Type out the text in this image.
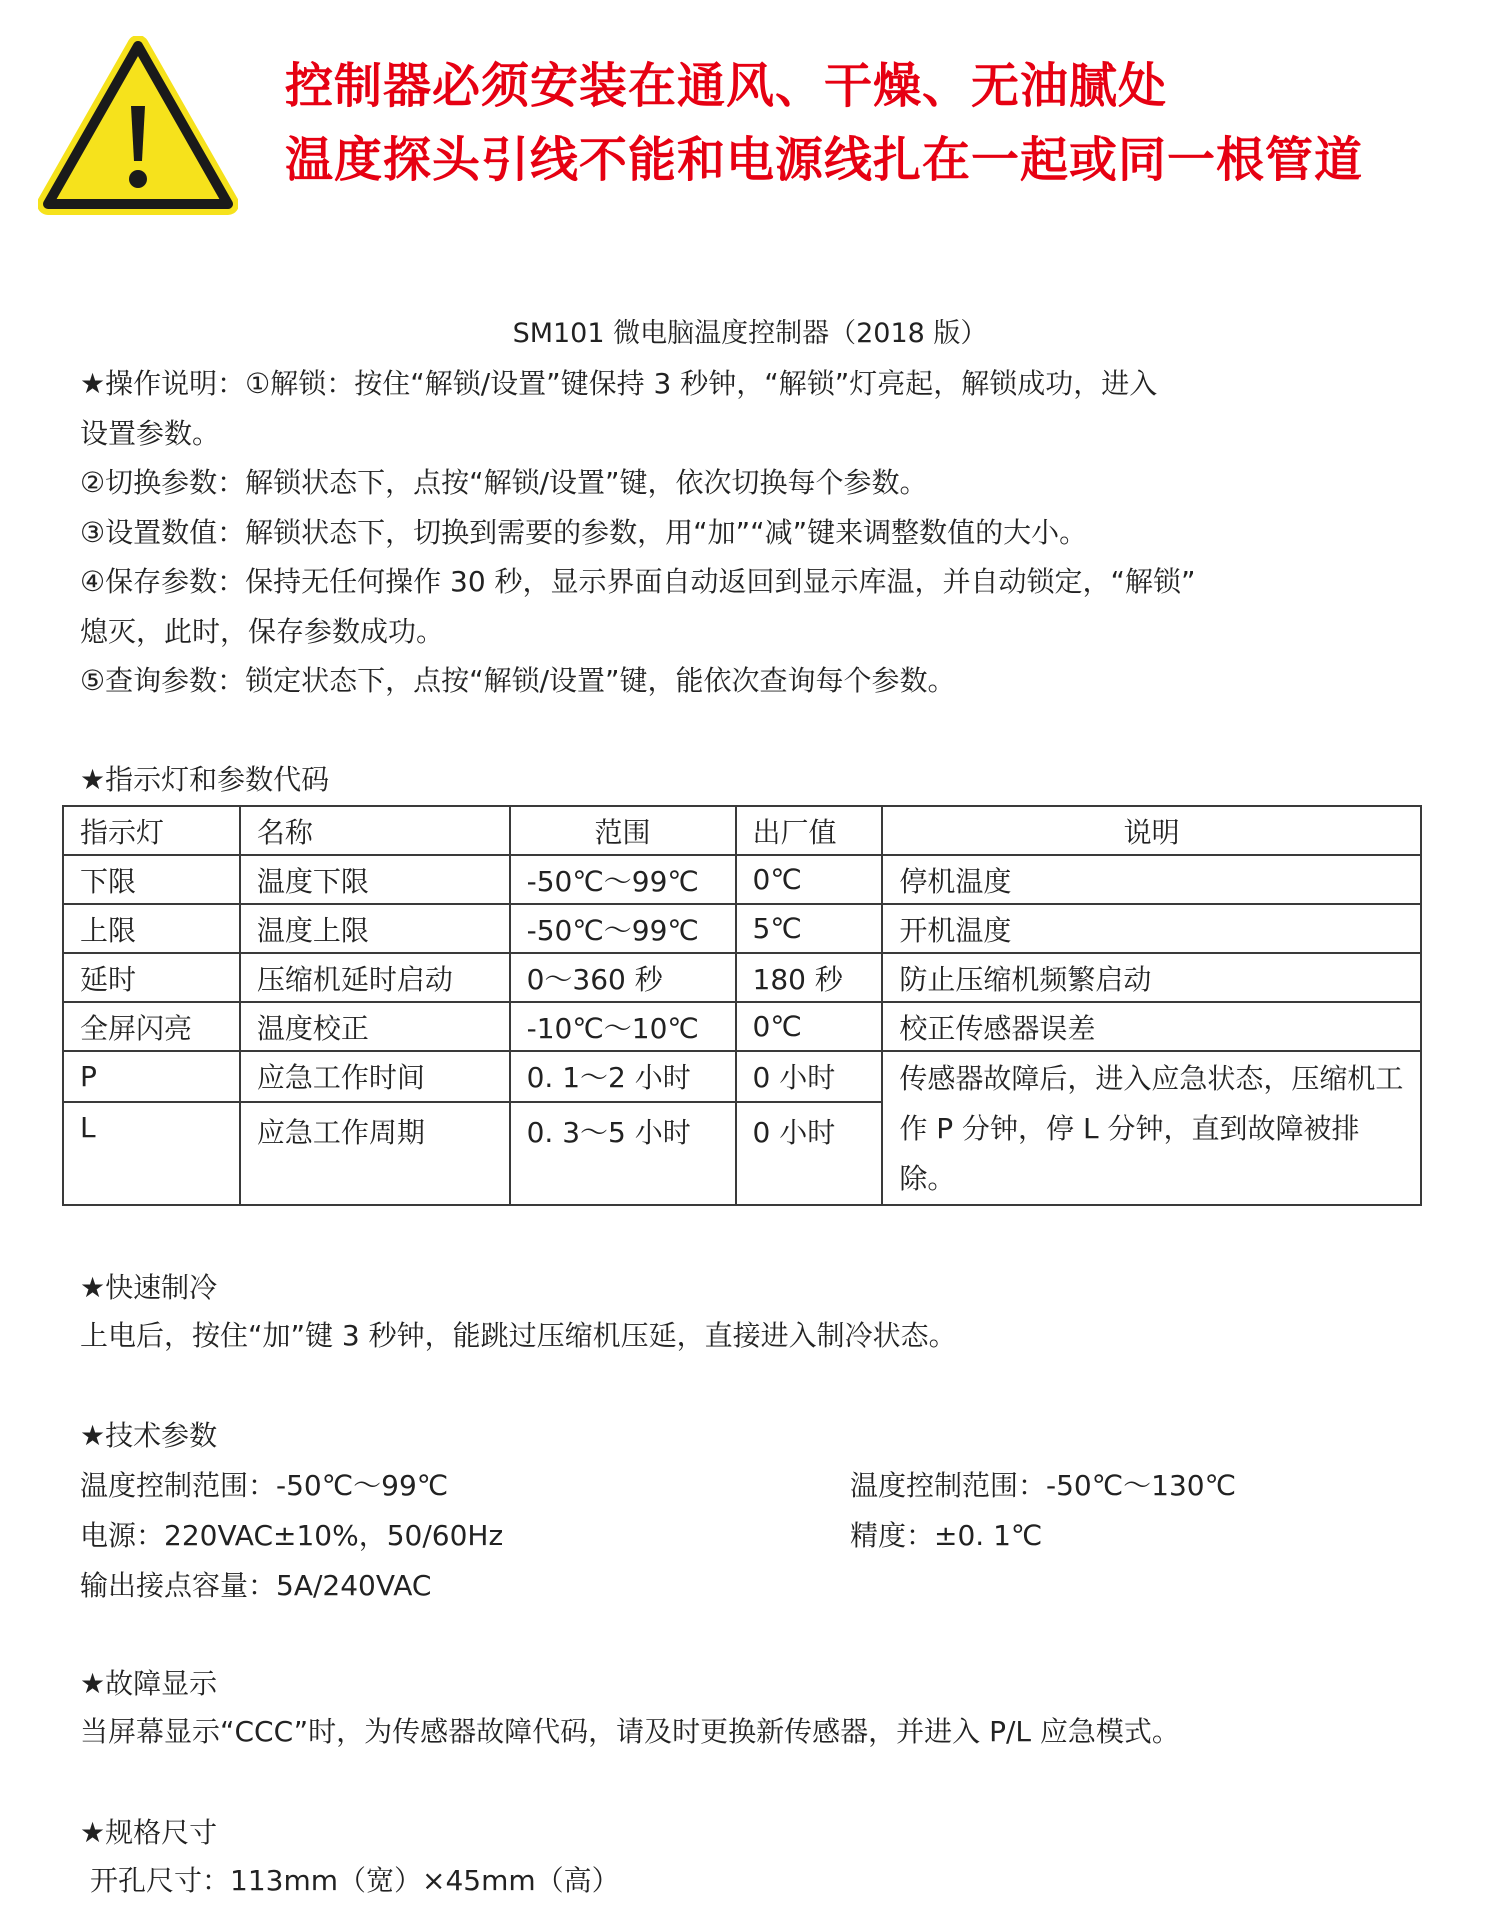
控制器必须安装在通风、干燥、无油腻处
温度探头引线不能和电源线扎在一起或同一根管道
SM101 微电脑温度控制器（2018 版）
★操作说明：①解锁：按住“解锁/设置”键保持 3 秒钟，“解锁”灯亮起，解锁成功，进入
设置参数。
②切换参数：解锁状态下，点按“解锁/设置”键，依次切换每个参数。
③设置数值：解锁状态下，切换到需要的参数，用“加”“减”键来调整数值的大小。
④保存参数：保持无任何操作 30 秒，显示界面自动返回到显示库温，并自动锁定，“解锁”
熄灭，此时，保存参数成功。
⑤查询参数：锁定状态下，点按“解锁/设置”键，能依次查询每个参数。
★指示灯和参数代码
指示灯	名称	范围	出厂值	说明
下限	温度下限	-50℃～99℃	0℃	停机温度
上限	温度上限	-50℃～99℃	5℃	开机温度
延时	压缩机延时启动	0～360 秒	180 秒	防止压缩机频繁启动
全屏闪亮	温度校正	-10℃～10℃	0℃	校正传感器误差
P	应急工作时间	0. 1～2 小时	0 小时	传感器故障后，进入应急状态，压缩机工作 P 分钟，停 L 分钟，直到故障被排除。
L	应急工作周期	0. 3～5 小时	0 小时	
★快速制冷
上电后，按住“加”键 3 秒钟，能跳过压缩机压延，直接进入制冷状态。
★技术参数
温度控制范围：-50℃～99℃
电源：220VAC±10%，50/60Hz
输出接点容量：5A/240VAC
温度控制范围：-50℃～130℃
精度：±0. 1℃
★故障显示
当屏幕显示“CCC”时，为传感器故障代码，请及时更换新传感器，并进入 P/L 应急模式。
★规格尺寸
开孔尺寸：113mm（宽）×45mm（高）
